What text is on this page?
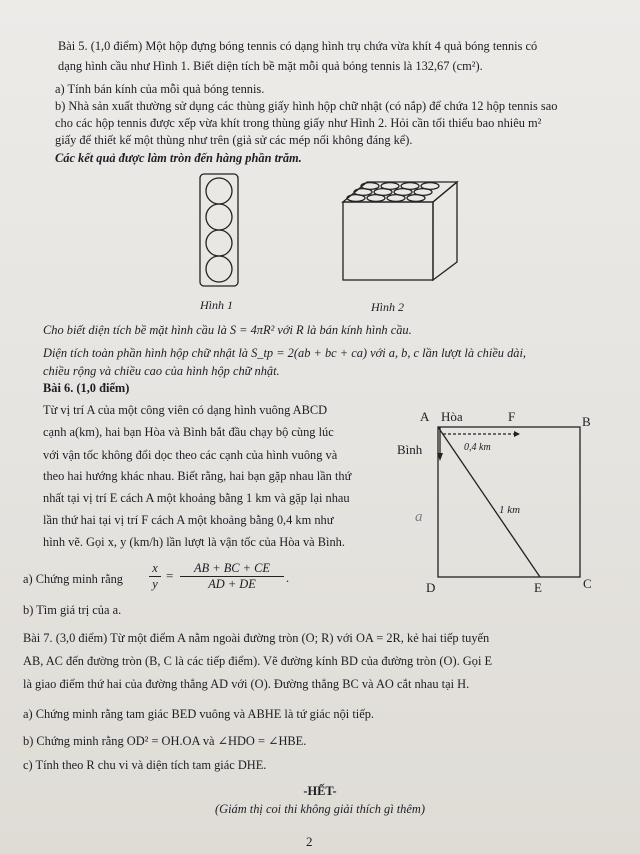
Bài 5. (1,0 điểm) Một hộp đựng bóng tennis có dạng hình trụ chứa vừa khít 4 quả bóng tennis có
dạng hình cầu như Hình 1. Biết diện tích bề mặt mỗi quả bóng tennis là 132,67 (cm²).
a) Tính bán kính của mỗi quả bóng tennis.
b) Nhà sản xuất thường sử dụng các thùng giấy hình hộp chữ nhật (có nắp) để chứa 12 hộp tennis sao
cho các hộp tennis được xếp vừa khít trong thùng giấy như Hình 2. Hỏi cần tối thiểu bao nhiêu m²
giấy để thiết kế một thùng như trên (giả sử các mép nối không đáng kể).
Các kết quả được làm tròn đến hàng phần trăm.
Hình 1	Hình 2
Cho biết diện tích bề mặt hình cầu là S = 4πR² với R là bán kính hình cầu.
Diện tích toàn phần hình hộp chữ nhật là S_tp = 2(ab + bc + ca) với a, b, c lần lượt là chiều dài,
chiều rộng và chiều cao của hình hộp chữ nhật.
Bài 6. (1,0 điểm)
Từ vị trí A của một công viên có dạng hình vuông ABCD
cạnh a(km), hai bạn Hòa và Bình bắt đầu chạy bộ cùng lúc
với vận tốc không đổi dọc theo các cạnh của hình vuông và
theo hai hướng khác nhau. Biết rằng, hai bạn gặp nhau lần thứ
nhất tại vị trí E cách A một khoảng bằng 1 km và gặp lại nhau
lần thứ hai tại vị trí F cách A một khoảng bằng 0,4 km như
hình vẽ. Gọi x, y (km/h) lần lượt là vận tốc của Hòa và Bình.
a) Chứng minh rằng
x
y
= $\frac{AB + BC + CE}{AD + DE}$ .
b) Tìm giá trị của a.
A Hòa	F	B
Bình
D	E	C
0,4 km
1 km
a
Bài 7. (3,0 điểm) Từ một điểm A nằm ngoài đường tròn (O; R) với OA = 2R, kẻ hai tiếp tuyến
AB, AC đến đường tròn (B, C là các tiếp điểm). Vẽ đường kính BD của đường tròn (O). Gọi E
là giao điểm thứ hai của đường thẳng AD với (O). Đường thẳng BC và AO cắt nhau tại H.
a) Chứng minh rằng tam giác BED vuông và ABHE là tứ giác nội tiếp.
b) Chứng minh rằng OD² = OH.OA và ∠HDO = ∠HBE.
c) Tính theo R chu vi và diện tích tam giác DHE.
-HẾT-
(Giám thị coi thi không giải thích gì thêm)
2
